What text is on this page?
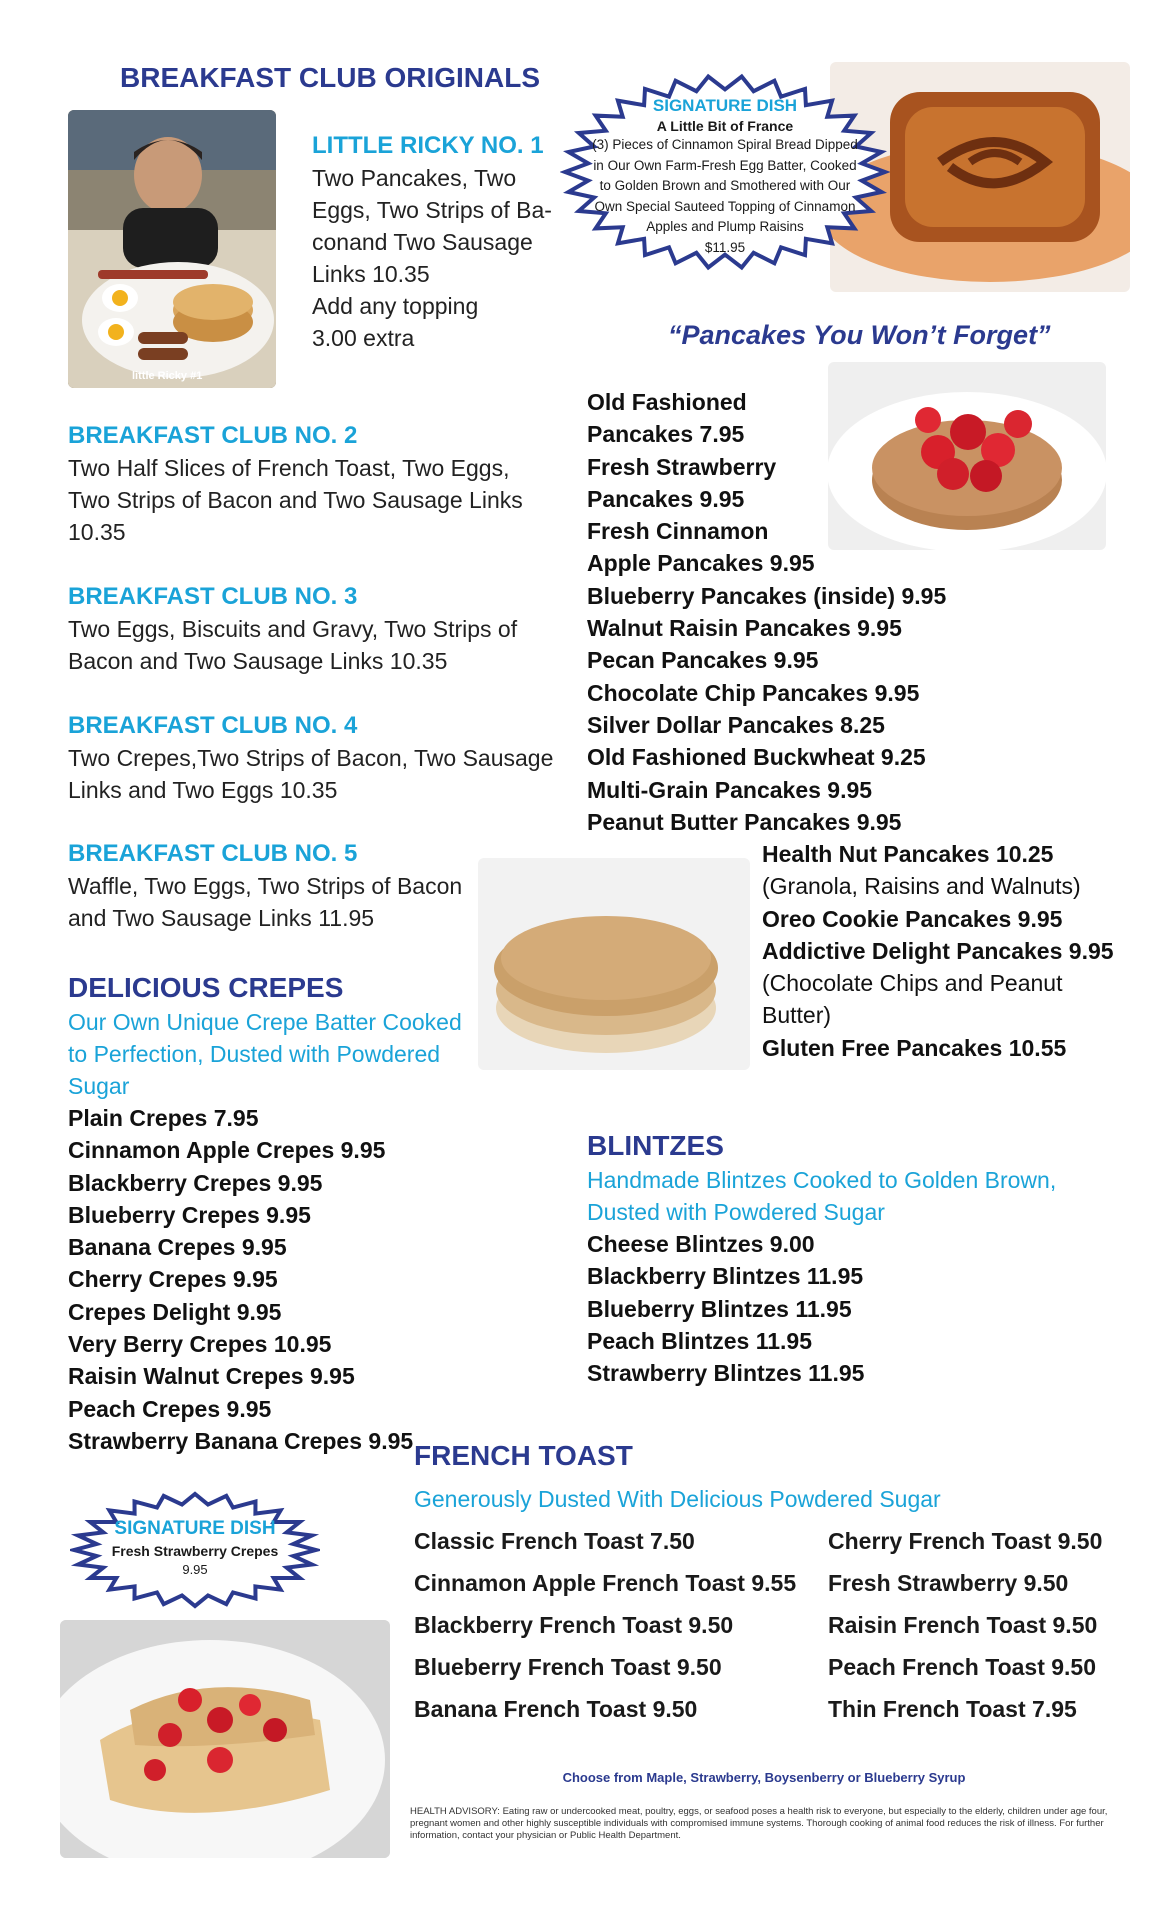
BREAKFAST CLUB ORIGINALS
little Ricky #1
LITTLE RICKY NO. 1
Two Pancakes, Two
Eggs, Two Strips of Ba-
conand Two Sausage
Links 10.35
Add any topping
3.00 extra
BREAKFAST CLUB NO. 2
Two Half Slices of French Toast, Two Eggs,
Two Strips of Bacon and Two Sausage Links
10.35
BREAKFAST CLUB NO. 3
Two Eggs, Biscuits and Gravy, Two Strips of
Bacon and Two Sausage Links 10.35
BREAKFAST CLUB NO. 4
Two Crepes,Two Strips of Bacon, Two Sausage
Links and Two Eggs 10.35
BREAKFAST CLUB NO. 5
Waffle, Two Eggs, Two Strips of Bacon
and Two Sausage Links 11.95
DELICIOUS CREPES
Our Own Unique Crepe Batter Cooked
to Perfection, Dusted with Powdered
Sugar
Plain Crepes 7.95
Cinnamon Apple Crepes 9.95
Blackberry Crepes 9.95
Blueberry Crepes 9.95
Banana Crepes 9.95
Cherry Crepes 9.95
Crepes Delight 9.95
Very Berry Crepes 10.95
Raisin Walnut Crepes 9.95
Peach Crepes 9.95
Strawberry Banana Crepes 9.95
SIGNATURE DISH
Fresh Strawberry Crepes
9.95
SIGNATURE DISH
A Little Bit of France
(3) Pieces of Cinnamon Spiral Bread Dipped
in Our Own Farm-Fresh Egg Batter, Cooked
to Golden Brown and Smothered with Our
Own Special Sauteed Topping of Cinnamon
Apples and Plump Raisins
$11.95
“Pancakes You Won’t Forget”
Old Fashioned
Pancakes 7.95
Fresh Strawberry
Pancakes 9.95
Fresh Cinnamon
Apple Pancakes 9.95
Blueberry Pancakes (inside) 9.95
Walnut Raisin Pancakes 9.95
Pecan Pancakes 9.95
Chocolate Chip Pancakes 9.95
Silver Dollar Pancakes 8.25
Old Fashioned Buckwheat 9.25
Multi-Grain Pancakes 9.95
Peanut Butter Pancakes 9.95
Health Nut Pancakes 10.25
(Granola, Raisins and Walnuts)
Oreo Cookie Pancakes 9.95
Addictive Delight Pancakes 9.95
(Chocolate Chips and Peanut
Butter)
Gluten Free Pancakes 10.55
BLINTZES
Handmade Blintzes Cooked to Golden Brown,
Dusted with Powdered Sugar
Cheese Blintzes 9.00
Blackberry Blintzes 11.95
Blueberry Blintzes 11.95
Peach Blintzes 11.95
Strawberry Blintzes 11.95
FRENCH TOAST
Generously Dusted With Delicious Powdered Sugar
Classic French Toast 7.50
Cinnamon Apple French Toast 9.55
Blackberry French Toast 9.50
Blueberry French Toast 9.50
Banana French Toast 9.50
Cherry French Toast 9.50
Fresh Strawberry 9.50
Raisin French Toast 9.50
Peach French Toast 9.50
Thin French Toast 7.95
Choose from Maple, Strawberry, Boysenberry or Blueberry Syrup
HEALTH ADVISORY: Eating raw or undercooked meat, poultry, eggs, or seafood poses a health risk to everyone, but especially to the elderly, children under age four, pregnant women and other highly susceptible individuals with compromised immune systems. Thorough cooking of animal food reduces the risk of illness. For further information, contact your physician or Public Health Department.
